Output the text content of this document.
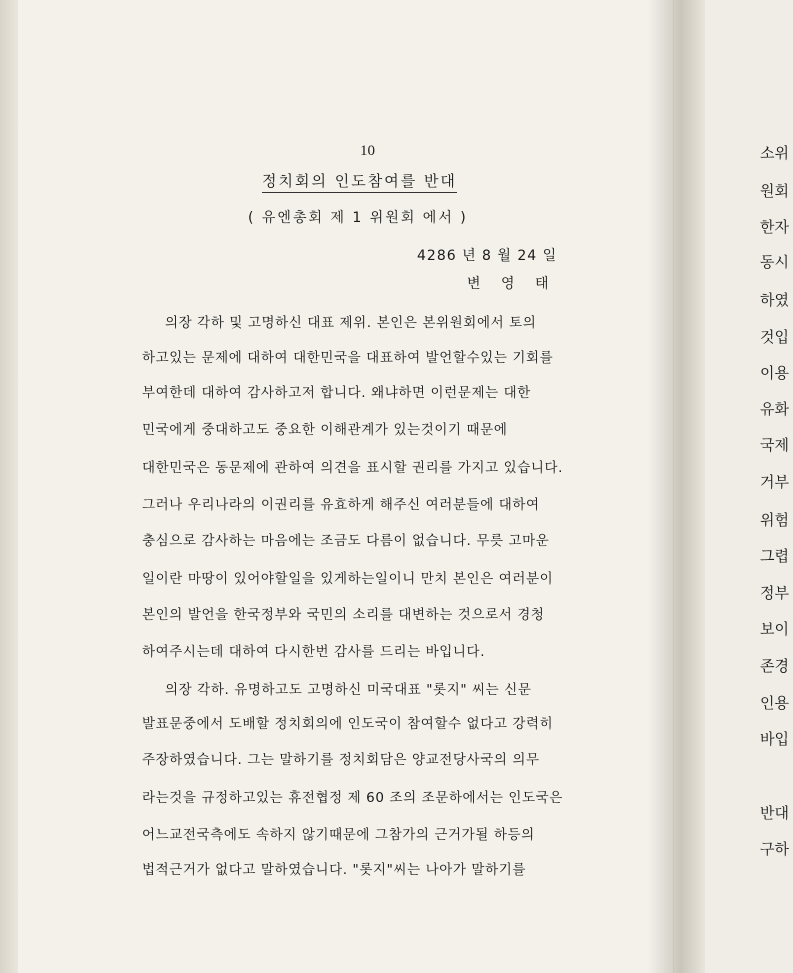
10
정치회의 인도참여를 반대
( 유엔총회 제 1 위원회 에서 )
4286 년 8 월 24 일
변 영 태
의장 각하 및 고명하신 대표 제위. 본인은 본위원회에서 토의
하고있는 문제에 대하여 대한민국을 대표하여 발언할수있는 기회를
부여한데 대하여 감사하고저 합니다. 왜냐하면 이런문제는 대한
민국에게 중대하고도 중요한 이해관계가 있는것이기 때문에
대한민국은 동문제에 관하여 의견을 표시할 권리를 가지고 있습니다.
그러나 우리나라의 이권리를 유효하게 해주신 여러분들에 대하여
충심으로 감사하는 마음에는 조금도 다름이 없습니다. 무릇 고마운
일이란 마땅이 있어야할일을 있게하는일이니 만치 본인은 여러분이
본인의 발언을 한국정부와 국민의 소리를 대변하는 것으로서 경청
하여주시는데 대하여 다시한번 감사를 드리는 바입니다.
의장 각하. 유명하고도 고명하신 미국대표 "롯지" 씨는 신문
발표문중에서 도배할 정치회의에 인도국이 참여할수 없다고 강력히
주장하였습니다. 그는 말하기를 정치회담은 양교전당사국의 의무
라는것을 규정하고있는 휴전협정 제 60 조의 조문하에서는 인도국은
어느교전국측에도 속하지 않기때문에 그참가의 근거가될 하등의
법적근거가 없다고 말하였습니다. "롯지"씨는 나아가 말하기를
소위
원회
한자
동시
하였
것입
이용
유화
국제
거부
위험
그렵
정부
보이
존경
인용
바입
반대
구하
